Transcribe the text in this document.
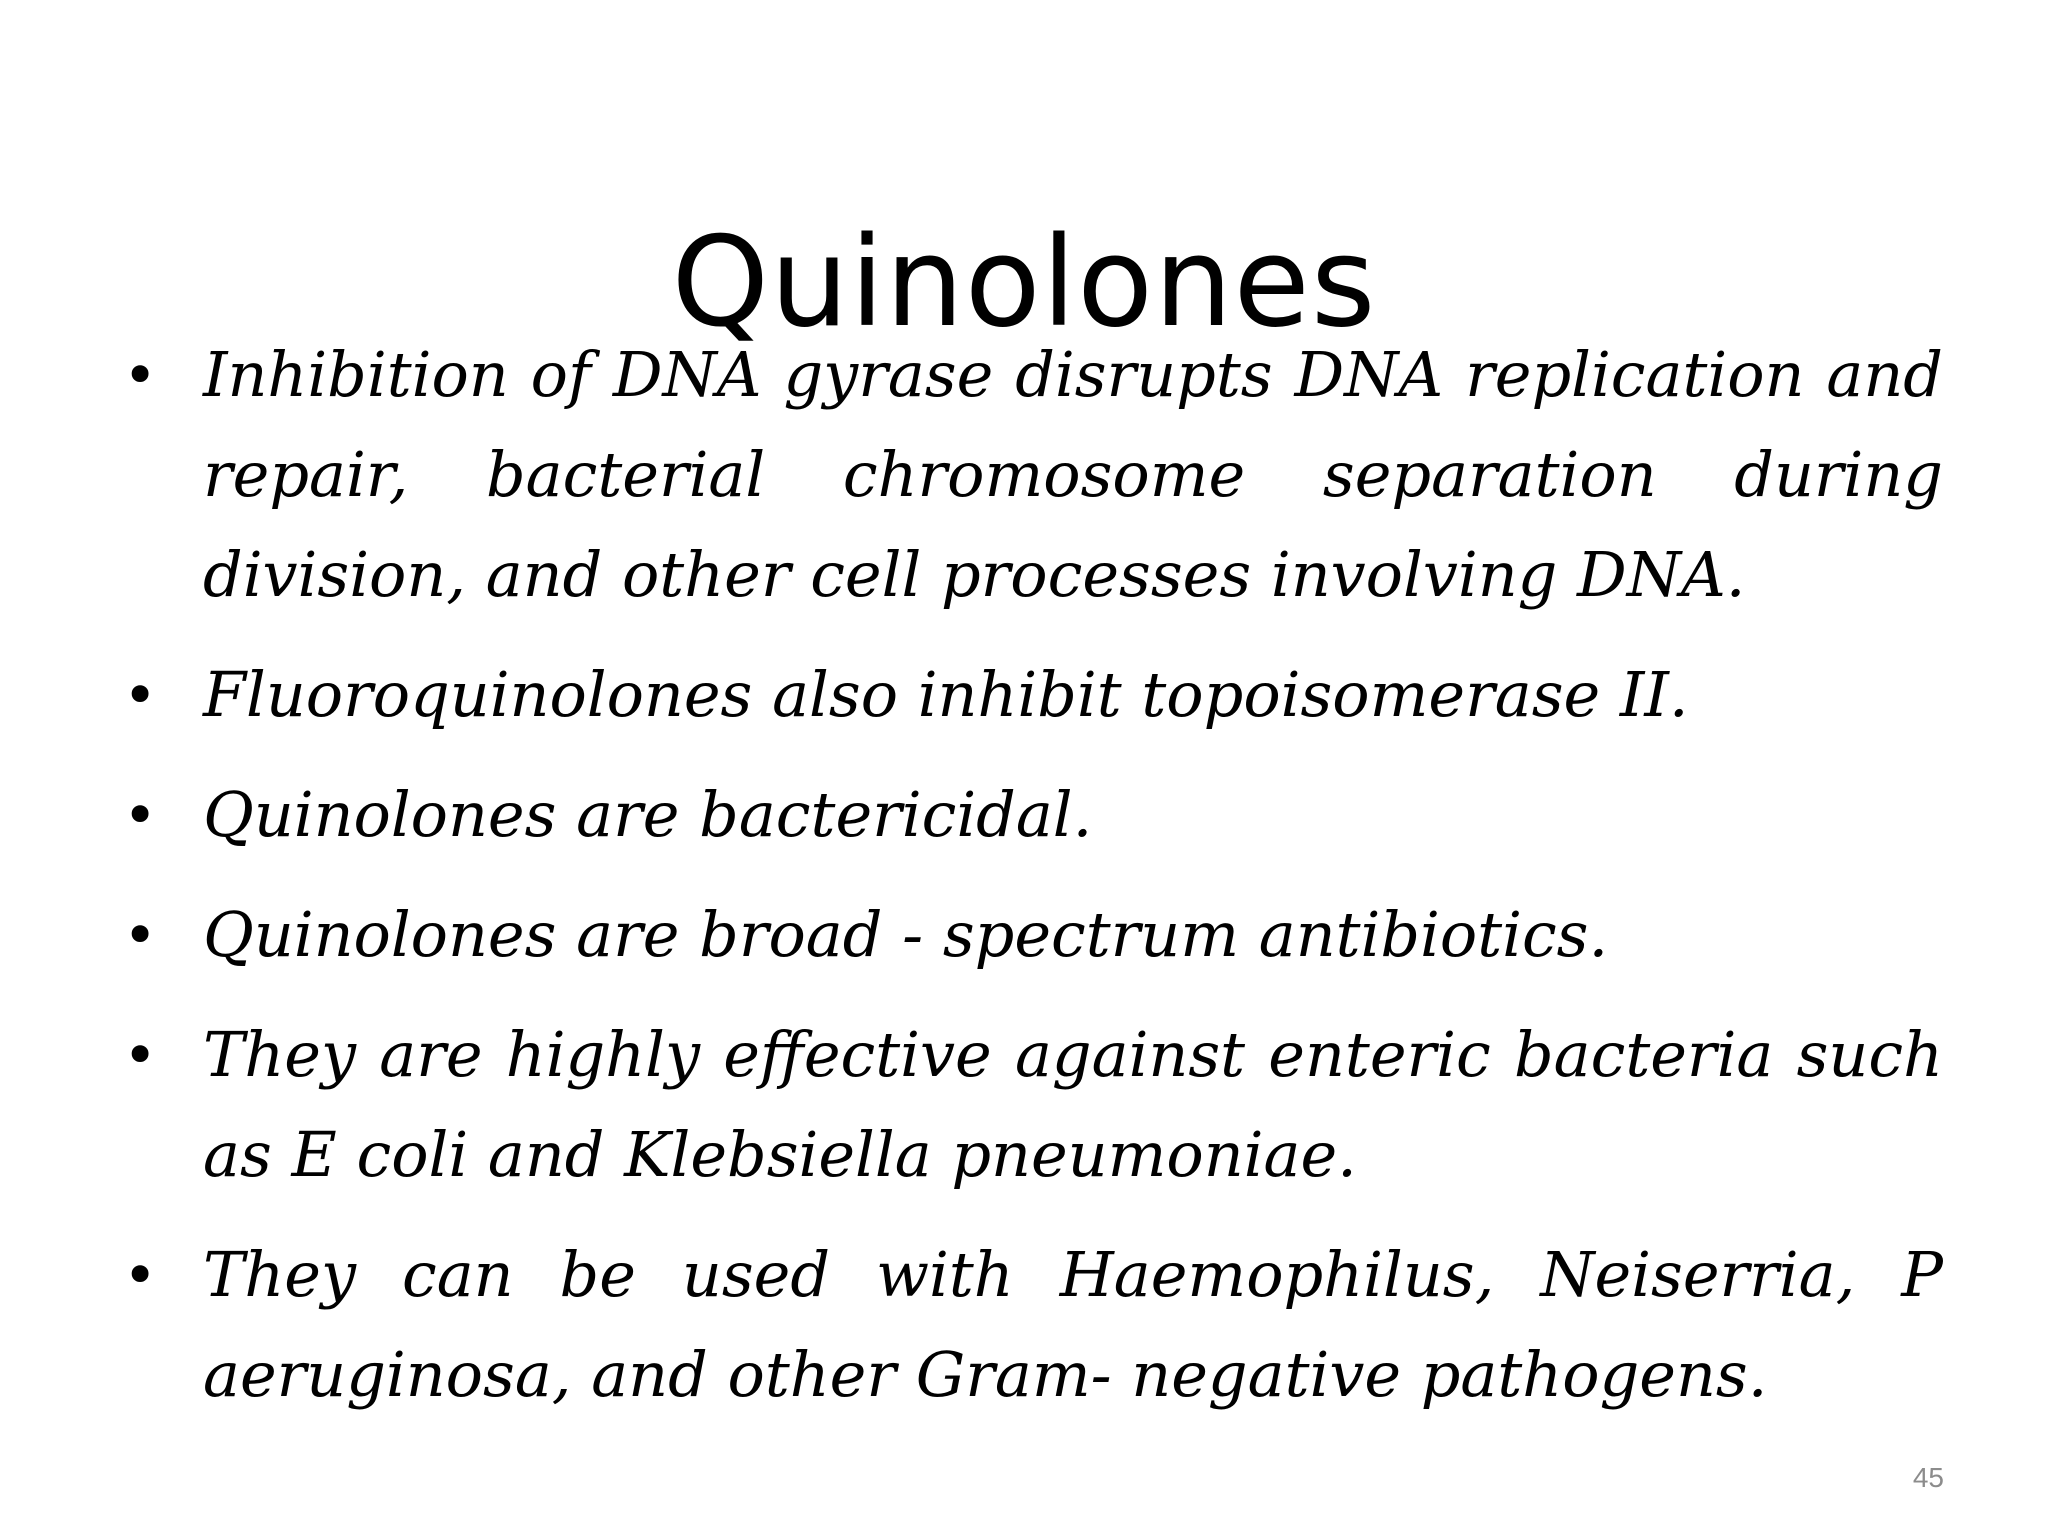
Quinolones
• Inhibition of DNA gyrase disrupts DNA replication and repair, bacterial chromosome separation during division, and other cell processes involving DNA.
• Fluoroquinolones also inhibit topoisomerase II.
• Quinolones are bactericidal.
• Quinolones are broad - spectrum antibiotics.
• They are highly effective against enteric bacteria such as E coli and Klebsiella pneumoniae.
• They can be used with Haemophilus, Neiserria, P aeruginosa, and other Gram- negative pathogens.
45
